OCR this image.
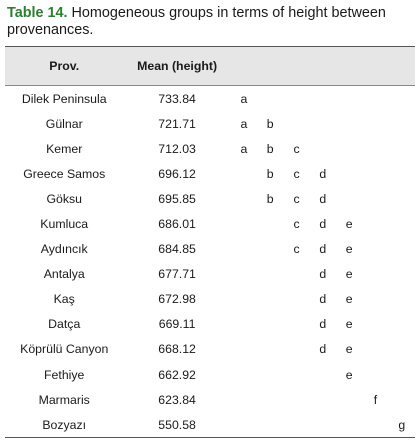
Table 14. Homogeneous groups in terms of height between provenances.

Prov.	Mean (height)							
Dilek Peninsula	733.84	a						
Gülnar	721.71	a	b					
Kemer	712.03	a	b	c				
Greece Samos	696.12		b	c	d			
Göksu	695.85		b	c	d			
Kumluca	686.01			c	d	e		
Aydıncık	684.85			c	d	e		
Antalya	677.71				d	e		
Kaş	672.98				d	e		
Datça	669.11				d	e		
Köprülü Canyon	668.12				d	e		
Fethiye	662.92					e		
Marmaris	623.84						f	
Bozyazı	550.58							g
